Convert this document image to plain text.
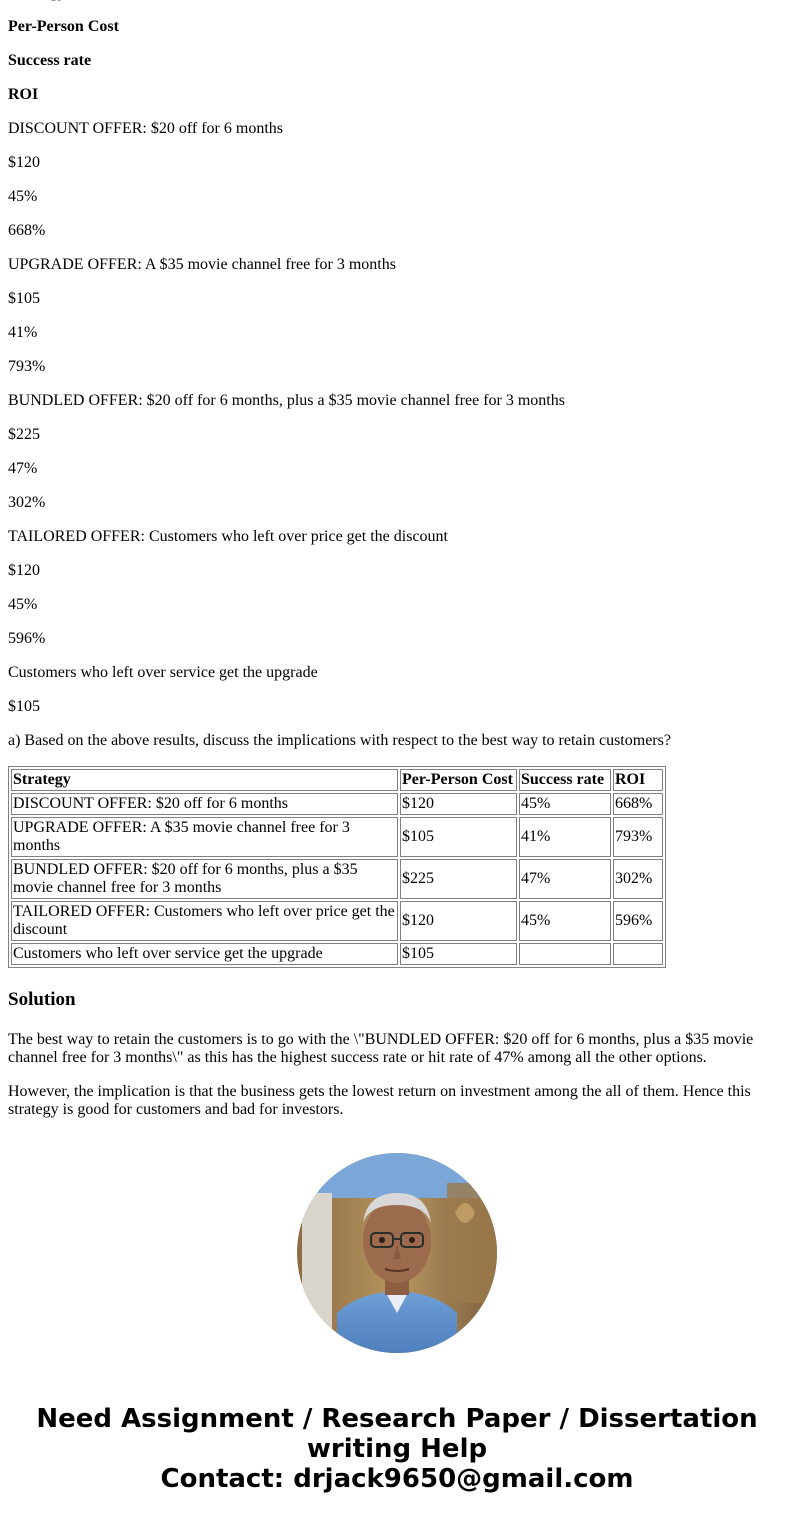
Per-Person Cost

Success rate

ROI

DISCOUNT OFFER: $20 off for 6 months

$120

45%

668%

UPGRADE OFFER: A $35 movie channel free for 3 months

$105

41%

793%

BUNDLED OFFER: $20 off for 6 months, plus a $35 movie channel free for 3 months

$225

47%

302%

TAILORED OFFER: Customers who left over price get the discount

$120

45%

596%

Customers who left over service get the upgrade

$105

a) Based on the above results, discuss the implications with respect to the best way to retain customers?

Strategy	Per-Person Cost	Success rate	ROI
DISCOUNT OFFER: $20 off for 6 months	$120	45%	668%
UPGRADE OFFER: A $35 movie channel free for 3 months	$105	41%	793%
BUNDLED OFFER: $20 off for 6 months, plus a $35 movie channel free for 3 months	$225	47%	302%
TAILORED OFFER: Customers who left over price get the discount	$120	45%	596%
Customers who left over service get the upgrade	$105		
Solution

The best way to retain the customers is to go with the \"BUNDLED OFFER: $20 off for 6 months, plus a $35 movie channel free for 3 months\" as this has the highest success rate or hit rate of 47% among all the other options.

However, the implication is that the business gets the lowest return on investment among the all of them. Hence this strategy is good for customers and bad for investors.

Need Assignment / Research Paper / Dissertation writing Help
Contact: drjack9650@gmail.com
